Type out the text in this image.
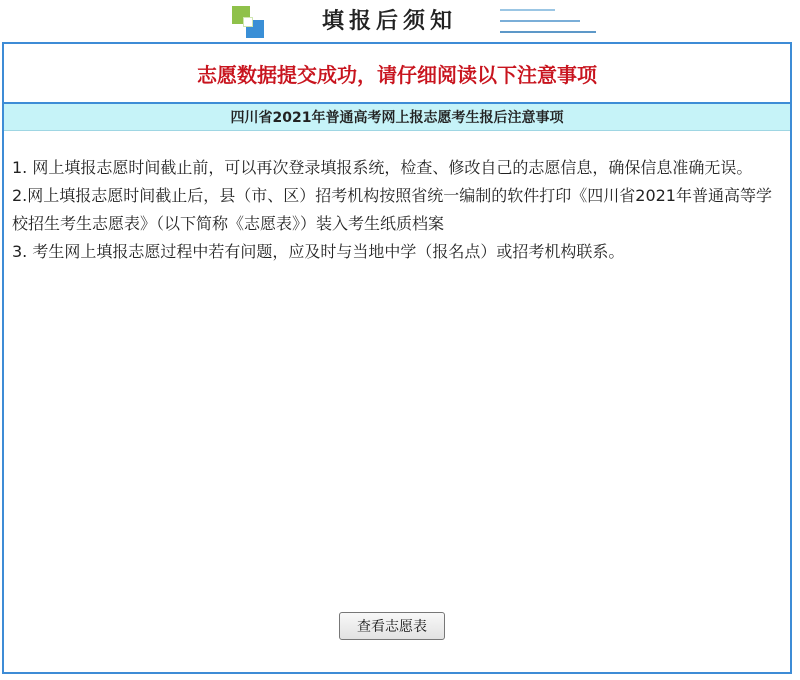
填报后须知
志愿数据提交成功，请仔细阅读以下注意事项
四川省2021年普通高考网上报志愿考生报后注意事项

1. 网上填报志愿时间截止前，可以再次登录填报系统，检查、修改自己的志愿信息，确保信息准确无误。

2.网上填报志愿时间截止后，县（市、区）招考机构按照省统一编制的软件打印《四川省2021年普通高等学校招生考生志愿表》（以下简称《志愿表》）装入考生纸质档案

3. 考生网上填报志愿过程中若有问题，应及时与当地中学（报名点）或招考机构联系。

查看志愿表
